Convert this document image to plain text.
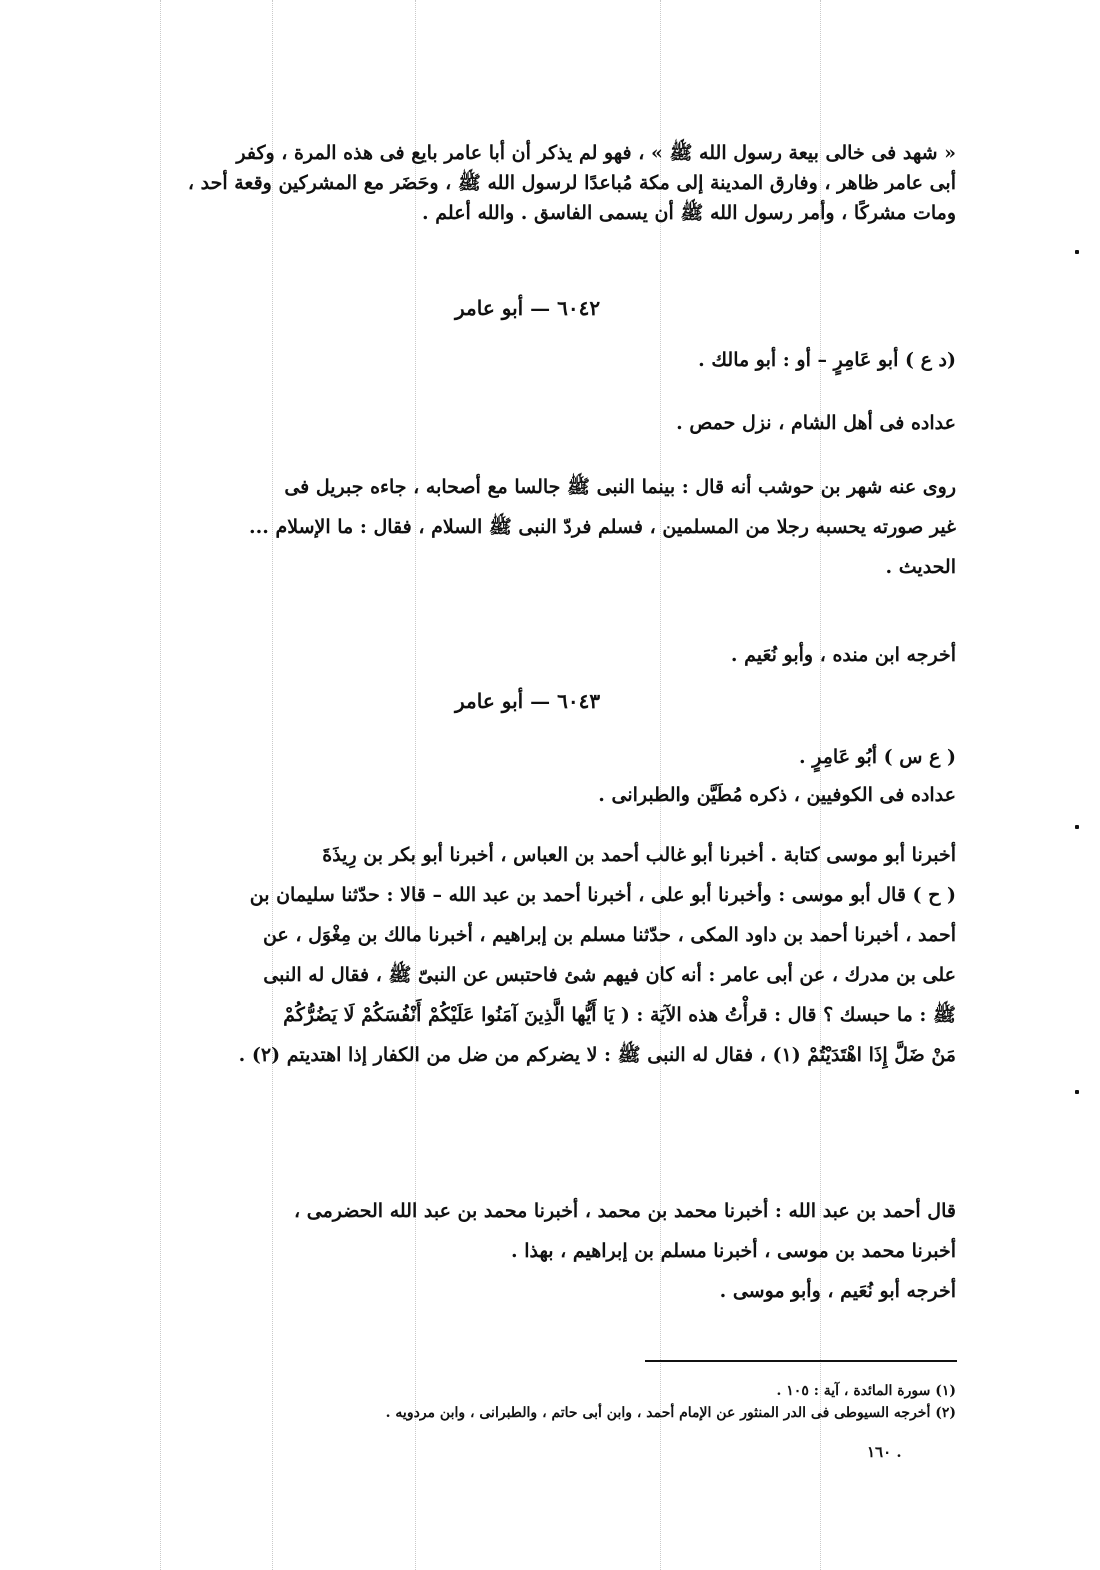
« شهد فى خالى بيعة رسول الله ﷺ » ، فهو لم يذكر أن أبا عامر بايع فى هذه المرة ، وكفر
أبى عامر ظاهر ، وفارق المدينة إلى مكة مُباعدًا لرسول الله ﷺ ، وحَضَر مع المشركين وقعة أحد ،
ومات مشركًا ، وأمر رسول الله ﷺ أن يسمى الفاسق . والله أعلم .
٦٠٤٢ — أبو عامر
(د ع ) أبو عَامِرٍ – أو : أبو مالك .
عداده فى أهل الشام ، نزل حمص .
روى عنه شهر بن حوشب أنه قال : بينما النبى ﷺ جالسا مع أصحابه ، جاءه جبريل فى
غير صورته يحسبه رجلا من المسلمين ، فسلم فردّ النبى ﷺ السلام ، فقال : ما الإسلام ...
الحديث .
أخرجه ابن منده ، وأبو نُعَيم .
٦٠٤٣ — أبو عامر
( ع س ) أبُو عَامِرٍ .
عداده فى الكوفيين ، ذكره مُطَيَّن والطبرانى .
أخبرنا أبو موسى كتابة . أخبرنا أبو غالب أحمد بن العباس ، أخبرنا أبو بكر بن رِيذَةَ
( ح ) قال أبو موسى : وأخبرنا أبو على ، أخبرنا أحمد بن عبد الله – قالا : حدّثنا سليمان بن
أحمد ، أخبرنا أحمد بن داود المكى ، حدّثنا مسلم بن إبراهيم ، أخبرنا مالك بن مِغْوَل ، عن
على بن مدرك ، عن أبى عامر : أنه كان فيهم شئ فاحتبس عن النبىّ ﷺ ، فقال له النبى
ﷺ : ما حبسك ؟ قال : قرأْتُ هذه الآيَة : ( يَا أَيُّها الَّذِينَ آمَنُوا عَلَيْكُمْ أَنْفُسَكُمْ لَا يَضُرُّكُمْ
مَنْ ضَلَّ إِذَا اهْتَدَيْتُمْ (١) ، فقال له النبى ﷺ : لا يضركم من ضل من الكفار إذا اهتديتم (٢) .
قال أحمد بن عبد الله : أخبرنا محمد بن محمد ، أخبرنا محمد بن عبد الله الحضرمى ،
أخبرنا محمد بن موسى ، أخبرنا مسلم بن إبراهيم ، بهذا .
أخرجه أبو نُعَيم ، وأبو موسى .
(١) سورة المائدة ، آية : ١٠٥ .
(٢) أخرجه السيوطى فى الدر المنثور عن الإمام أحمد ، وابن أبى حاتم ، والطبرانى ، وابن مردويه .
١٦٠ .
